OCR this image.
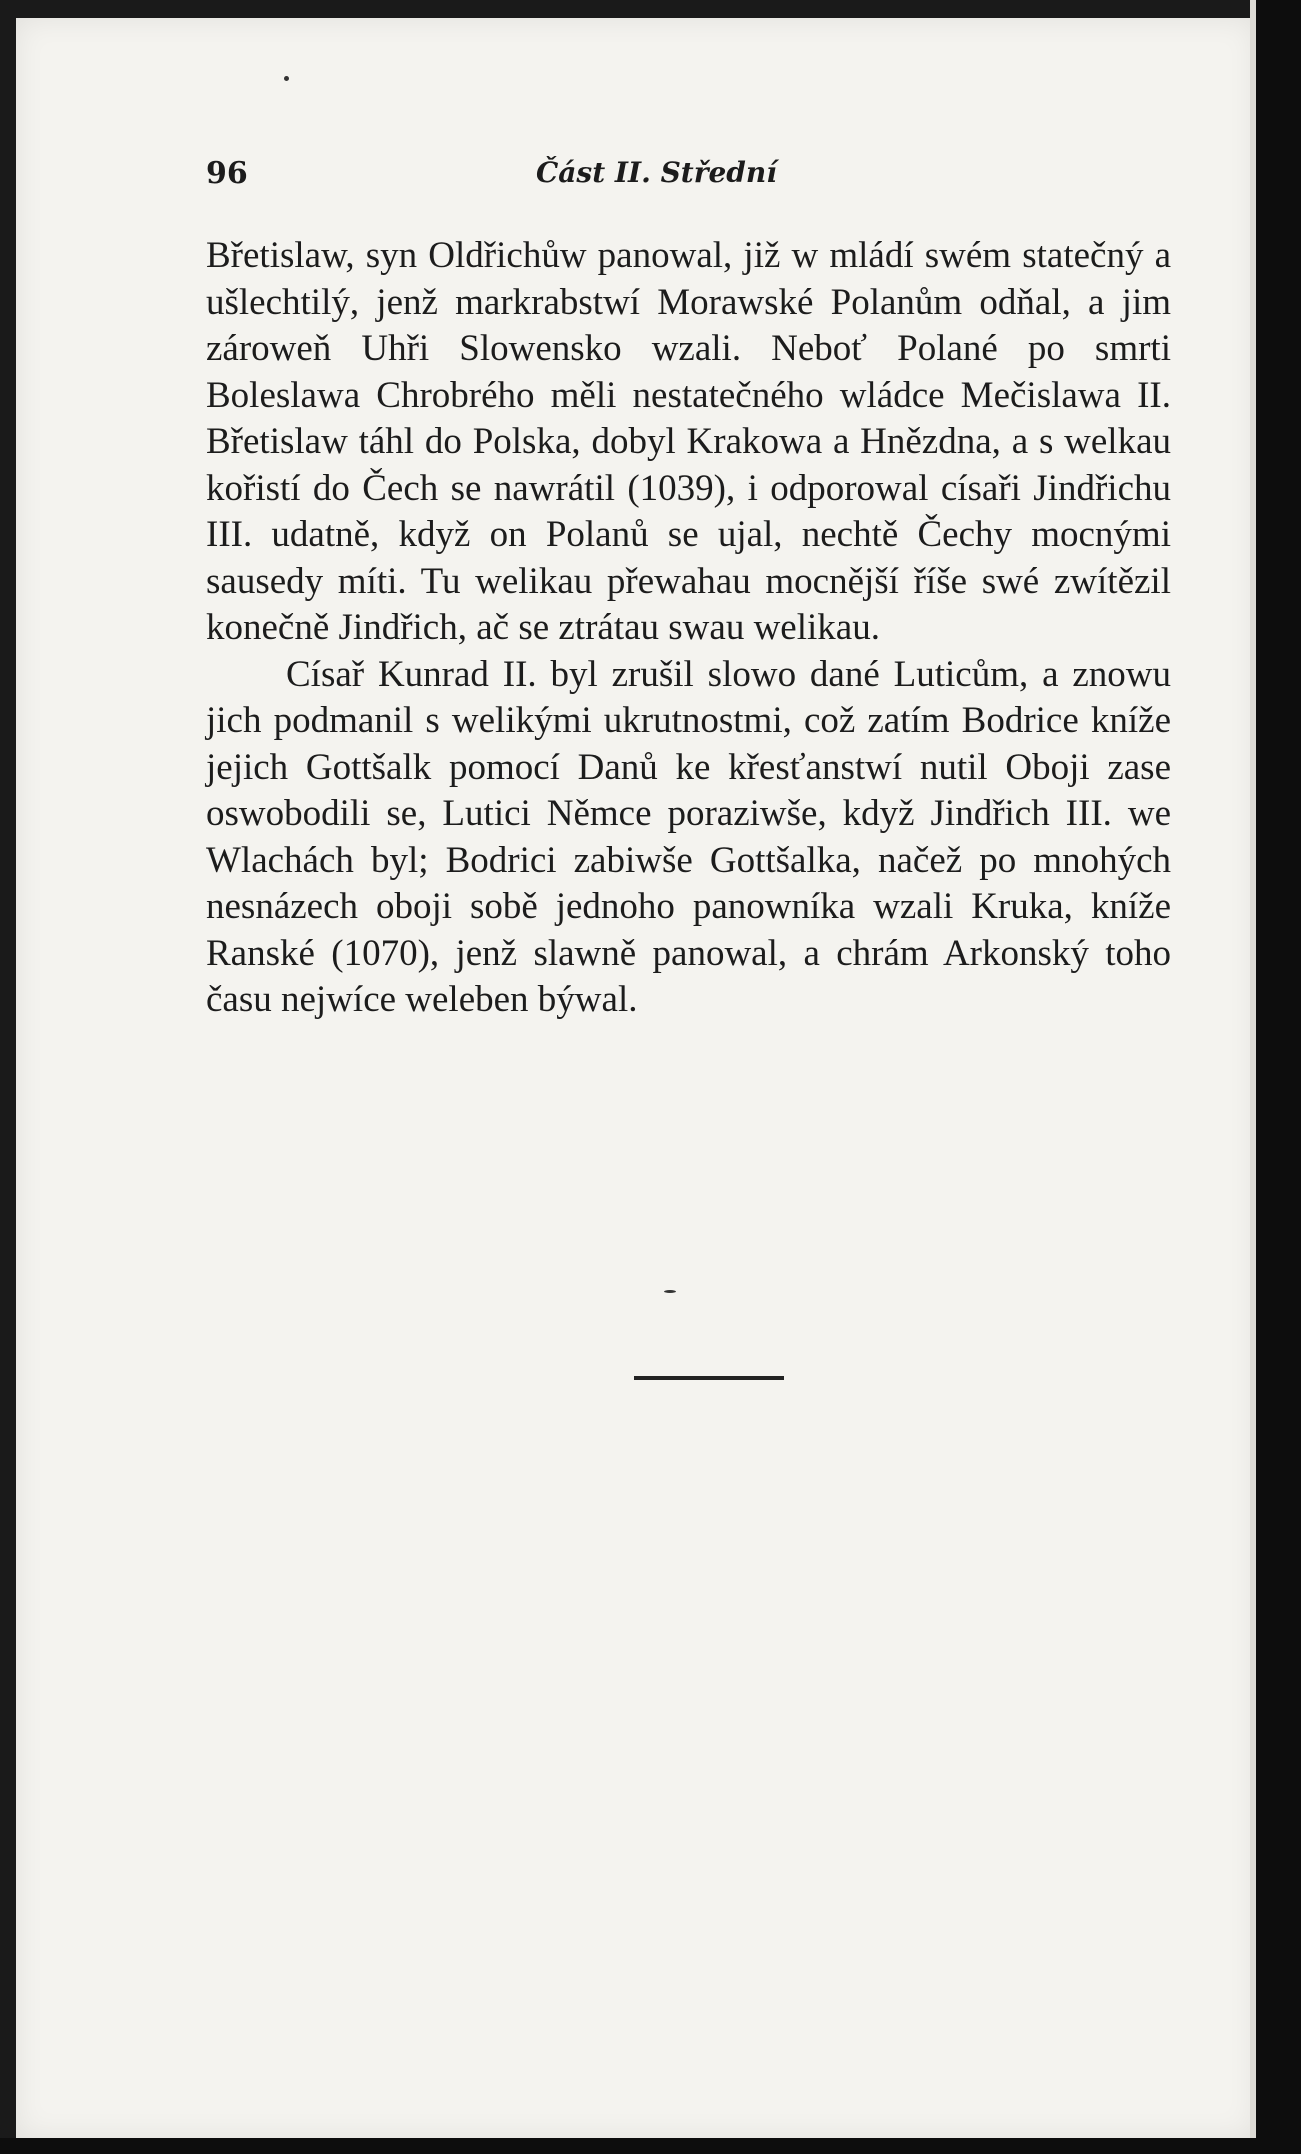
96	Část II. Střední

Břetislaw, syn Oldřichůw panowal, již w mládí swém statečný a ušlechtilý, jenž markrabstwí Morawské Polanům odňal, a jim zároweň Uhři Slowensko wzali. Neboť Polané po smrti Boleslawa Chrobrého měli nestatečného wládce Mečislawa II. Břetislaw táhl do Polska, dobyl Krakowa a Hnězdna, a s welkau kořistí do Čech se nawrátil (1039), i odporowal císaři Jindřichu III. udatně, když on Polanů se ujal, nechtě Čechy mocnými sausedy míti. Tu welikau přewahau mocnější říše swé zwítězil konečně Jindřich, ač se ztrátau swau welikau.

Císař Kunrad II. byl zrušil slowo dané Luticům, a znowu jich podmanil s welikými ukrutnostmi, což zatím Bodrice kníže jejich Gottšalk pomocí Danů ke křesťanstwí nutil Oboji zase oswobodili se, Lutici Němce poraziwše, když Jindřich III. we Wlachách byl; Bodrici zabiwše Gottšalka, načež po mnohých nesnázech oboji sobě jednoho panowníka wzali Kruka, kníže Ranské (1070), jenž slawně panowal, a chrám Arkonský toho času nejwíce weleben býwal.
